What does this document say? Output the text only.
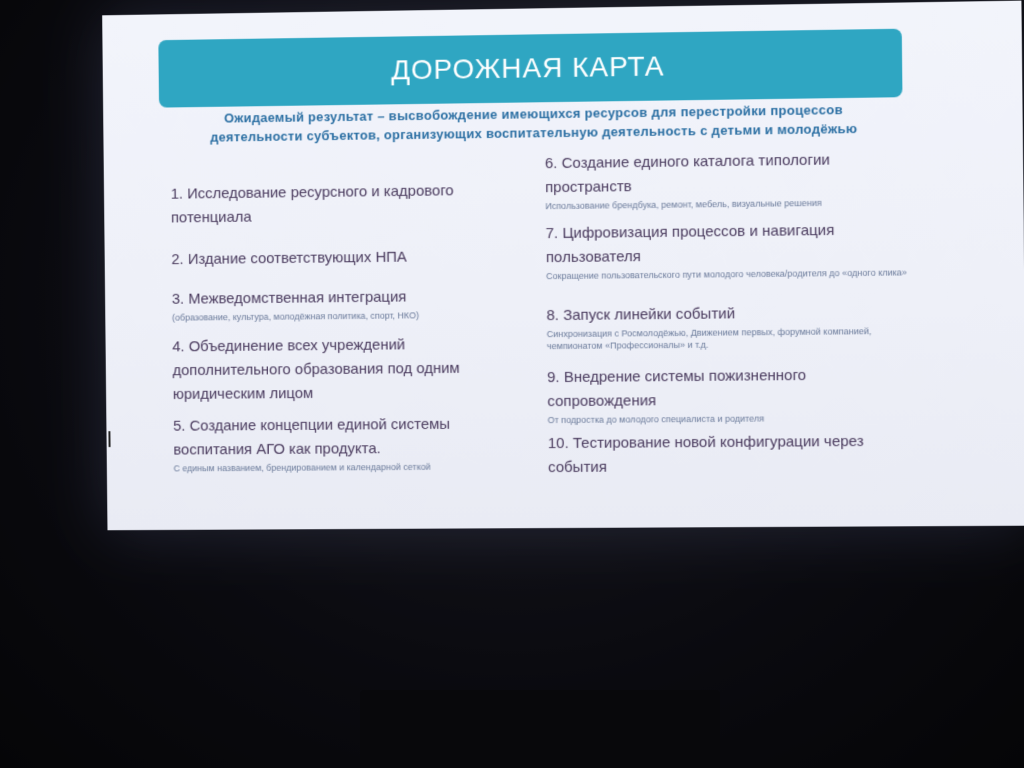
ДОРОЖНАЯ КАРТА
Ожидаемый результат – высвобождение имеющихся ресурсов для перестройки процессов
деятельности субъектов, организующих воспитательную деятельность с детьми и молодёжью
1. Исследование ресурсного и кадрового потенциала
2. Издание соответствующих НПА
3. Межведомственная интеграция
(образование, культура, молодёжная политика, спорт, НКО)
4. Объединение всех учреждений дополнительного образования под одним юридическим лицом
5. Создание концепции единой системы воспитания АГО как продукта.
С единым названием, брендированием и календарной сеткой
6. Создание единого каталога типологии пространств
Использование брендбука, ремонт, мебель, визуальные решения
7. Цифровизация процессов и навигация пользователя
Сокращение пользовательского пути молодого человека/родителя до «одного клика»
8. Запуск линейки событий
Синхронизация с Росмолодёжью, Движением первых, форумной компанией, чемпионатом «Профессионалы» и т.д.
9. Внедрение системы пожизненного сопровождения
От подростка до молодого специалиста и родителя
10. Тестирование новой конфигурации через события
